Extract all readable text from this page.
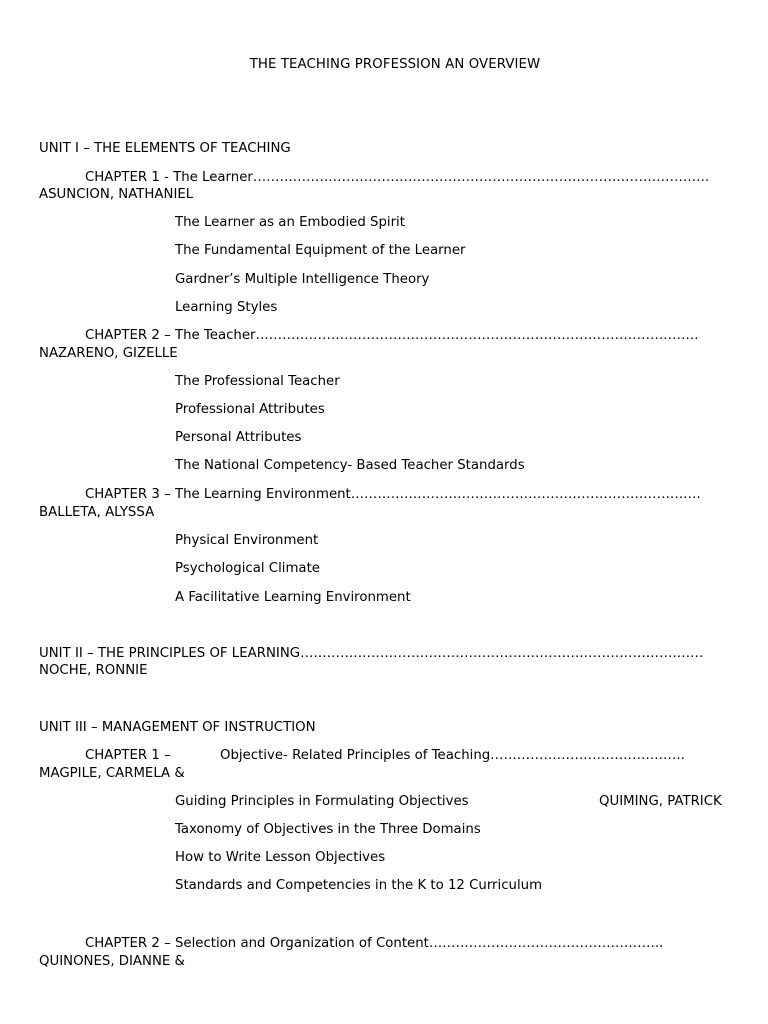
THE TEACHING PROFESSION AN OVERVIEW
UNIT I – THE ELEMENTS OF TEACHING
CHAPTER 1 - The Learner………………………………………………………………………………………….
ASUNCION, NATHANIEL
The Learner as an Embodied Spirit
The Fundamental Equipment of the Learner
Gardner’s Multiple Intelligence Theory
Learning Styles
CHAPTER 2 – The Teacher……………………………………………………………………………………….
NAZARENO, GIZELLE
The Professional Teacher
Professional Attributes
Personal Attributes
The National Competency- Based Teacher Standards
CHAPTER 3 – The Learning Environment…………………………………………………………………….
BALLETA, ALYSSA
Physical Environment
Psychological Climate
A Facilitative Learning Environment
UNIT II – THE PRINCIPLES OF LEARNING……………………………………………………………………………….
NOCHE, RONNIE
UNIT III – MANAGEMENT OF INSTRUCTION
CHAPTER 1 –	Objective- Related Principles of Teaching……………………………………..
MAGPILE, CARMELA &
Guiding Principles in Formulating Objectives	QUIMING, PATRICK
Taxonomy of Objectives in the Three Domains
How to Write Lesson Objectives
Standards and Competencies in the K to 12 Curriculum
CHAPTER 2 – Selection and Organization of Content……………………………………………..
QUINONES, DIANNE &
